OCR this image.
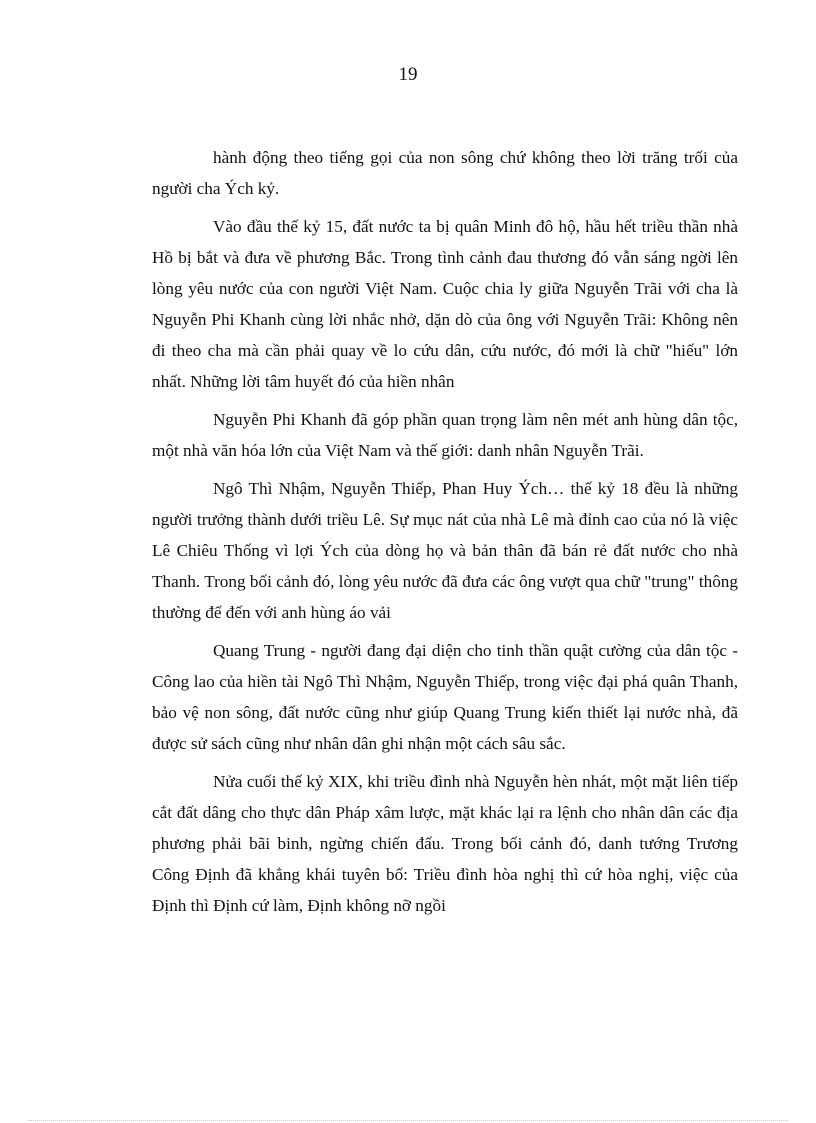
19

hành động theo tiếng gọi của non sông chứ không theo lời trăng trối của người cha Ých kỷ.

Vào đầu thế kỷ 15, đất nước ta bị quân Minh đô hộ, hầu hết triều thần nhà Hồ bị bắt và đưa về phương Bắc. Trong tình cảnh đau thương đó vẫn sáng ngời lên lòng yêu nước của con người Việt Nam. Cuộc chia ly giữa Nguyễn Trãi với cha là Nguyễn Phi Khanh cùng lời nhắc nhở, dặn dò của ông với Nguyễn Trãi: Không nên đi theo cha mà cần phải quay về lo cứu dân, cứu nước, đó mới là chữ "hiếu" lớn nhất. Những lời tâm huyết đó của hiền nhân

Nguyễn Phi Khanh đã góp phần quan trọng làm nên mét anh hùng dân tộc, một nhà văn hóa lớn của Việt Nam và thế giới: danh nhân Nguyễn Trãi.

Ngô Thì Nhậm, Nguyễn Thiếp, Phan Huy Ých… thế kỷ 18 đều là những người trưởng thành dưới triều Lê. Sự mục nát của nhà Lê mà đỉnh cao của nó là việc Lê Chiêu Thống vì lợi Ých của dòng họ và bản thân đã bán rẻ đất nước cho nhà Thanh. Trong bối cảnh đó, lòng yêu nước đã đưa các ông vượt qua chữ "trung" thông thường để đến với anh hùng áo vải

Quang Trung - người đang đại diện cho tinh thần quật cường của dân tộc - Công lao của hiền tài Ngô Thì Nhậm, Nguyễn Thiếp, trong việc đại phá quân Thanh, bảo vệ non sông, đất nước cũng như giúp Quang Trung kiến thiết lại nước nhà, đã được sử sách cũng như nhân dân ghi nhận một cách sâu sắc.

Nửa cuối thế kỷ XIX, khi triều đình nhà Nguyễn hèn nhát, một mặt liên tiếp cắt đất dâng cho thực dân Pháp xâm lược, mặt khác lại ra lệnh cho nhân dân các địa phương phải bãi binh, ngừng chiến đấu. Trong bối cảnh đó, danh tướng Trương Công Định đã khẳng khái tuyên bố: Triều đình hòa nghị thì cứ hòa nghị, việc của Định thì Định cứ làm, Định không nỡ ngồi
